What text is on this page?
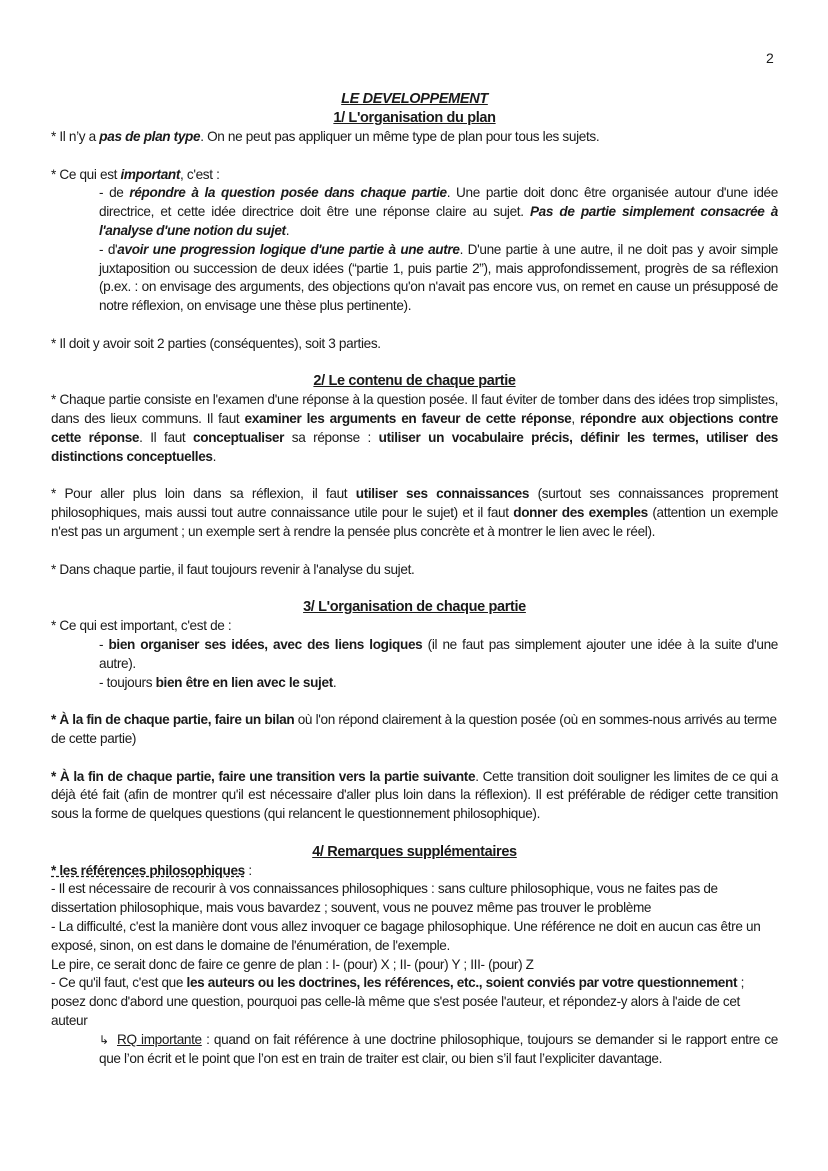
2
LE DEVELOPPEMENT
1/ L'organisation du plan

* Il n’y a pas de plan type. On ne peut pas appliquer un même type de plan pour tous les sujets.

* Ce qui est important, c'est :

- de répondre à la question posée dans chaque partie. Une partie doit donc être organisée autour d'une idée directrice, et cette idée directrice doit être une réponse claire au sujet. Pas de partie simplement consacrée à l'analyse d'une notion du sujet.

- d'avoir une progression logique d'une partie à une autre. D'une partie à une autre, il ne doit pas y avoir simple juxtaposition ou succession de deux idées (“partie 1, puis partie 2”), mais approfondissement, progrès de sa réflexion (p.ex. : on envisage des arguments, des objections qu'on n'avait pas encore vus, on remet en cause un présupposé de notre réflexion, on envisage une thèse plus pertinente).

* Il doit y avoir soit 2 parties (conséquentes), soit 3 parties.

2/ Le contenu de chaque partie

* Chaque partie consiste en l'examen d'une réponse à la question posée. Il faut éviter de tomber dans des idées trop simplistes, dans des lieux communs. Il faut examiner les arguments en faveur de cette réponse, répondre aux objections contre cette réponse. Il faut conceptualiser sa réponse : utiliser un vocabulaire précis, définir les termes, utiliser des distinctions conceptuelles.

* Pour aller plus loin dans sa réflexion, il faut utiliser ses connaissances (surtout ses connaissances proprement philosophiques, mais aussi tout autre connaissance utile pour le sujet) et il faut donner des exemples (attention un exemple n'est pas un argument ; un exemple sert à rendre la pensée plus concrète et à montrer le lien avec le réel).

* Dans chaque partie, il faut toujours revenir à l'analyse du sujet.

3/ L'organisation de chaque partie

* Ce qui est important, c'est de :

- bien organiser ses idées, avec des liens logiques (il ne faut pas simplement ajouter une idée à la suite d'une autre).

- toujours bien être en lien avec le sujet.

* À la fin de chaque partie, faire un bilan où l'on répond clairement à la question posée (où en sommes-nous arrivés au terme de cette partie)

* À la fin de chaque partie, faire une transition vers la partie suivante. Cette transition doit souligner les limites de ce qui a déjà été fait (afin de montrer qu'il est nécessaire d'aller plus loin dans la réflexion). Il est préférable de rédiger cette transition sous la forme de quelques questions (qui relancent le questionnement philosophique).

4/ Remarques supplémentaires

* les références philosophiques :

- Il est nécessaire de recourir à vos connaissances philosophiques : sans culture philosophique, vous ne faites pas de dissertation philosophique, mais vous bavardez ; souvent, vous ne pouvez même pas trouver le problème

- La difficulté, c'est la manière dont vous allez invoquer ce bagage philosophique. Une référence ne doit en aucun cas être un exposé, sinon, on est dans le domaine de l'énumération, de l'exemple.

Le pire, ce serait donc de faire ce genre de plan : I- (pour) X ; II- (pour) Y ; III- (pour) Z

- Ce qu'il faut, c'est que les auteurs ou les doctrines, les références, etc., soient conviés par votre questionnement ; posez donc d'abord une question, pourquoi pas celle-là même que s'est posée l'auteur, et répondez-y alors à l'aide de cet auteur

↳ RQ importante : quand on fait référence à une doctrine philosophique, toujours se demander si le rapport entre ce que l’on écrit et le point que l’on est en train de traiter est clair, ou bien s’il faut l’expliciter davantage.
